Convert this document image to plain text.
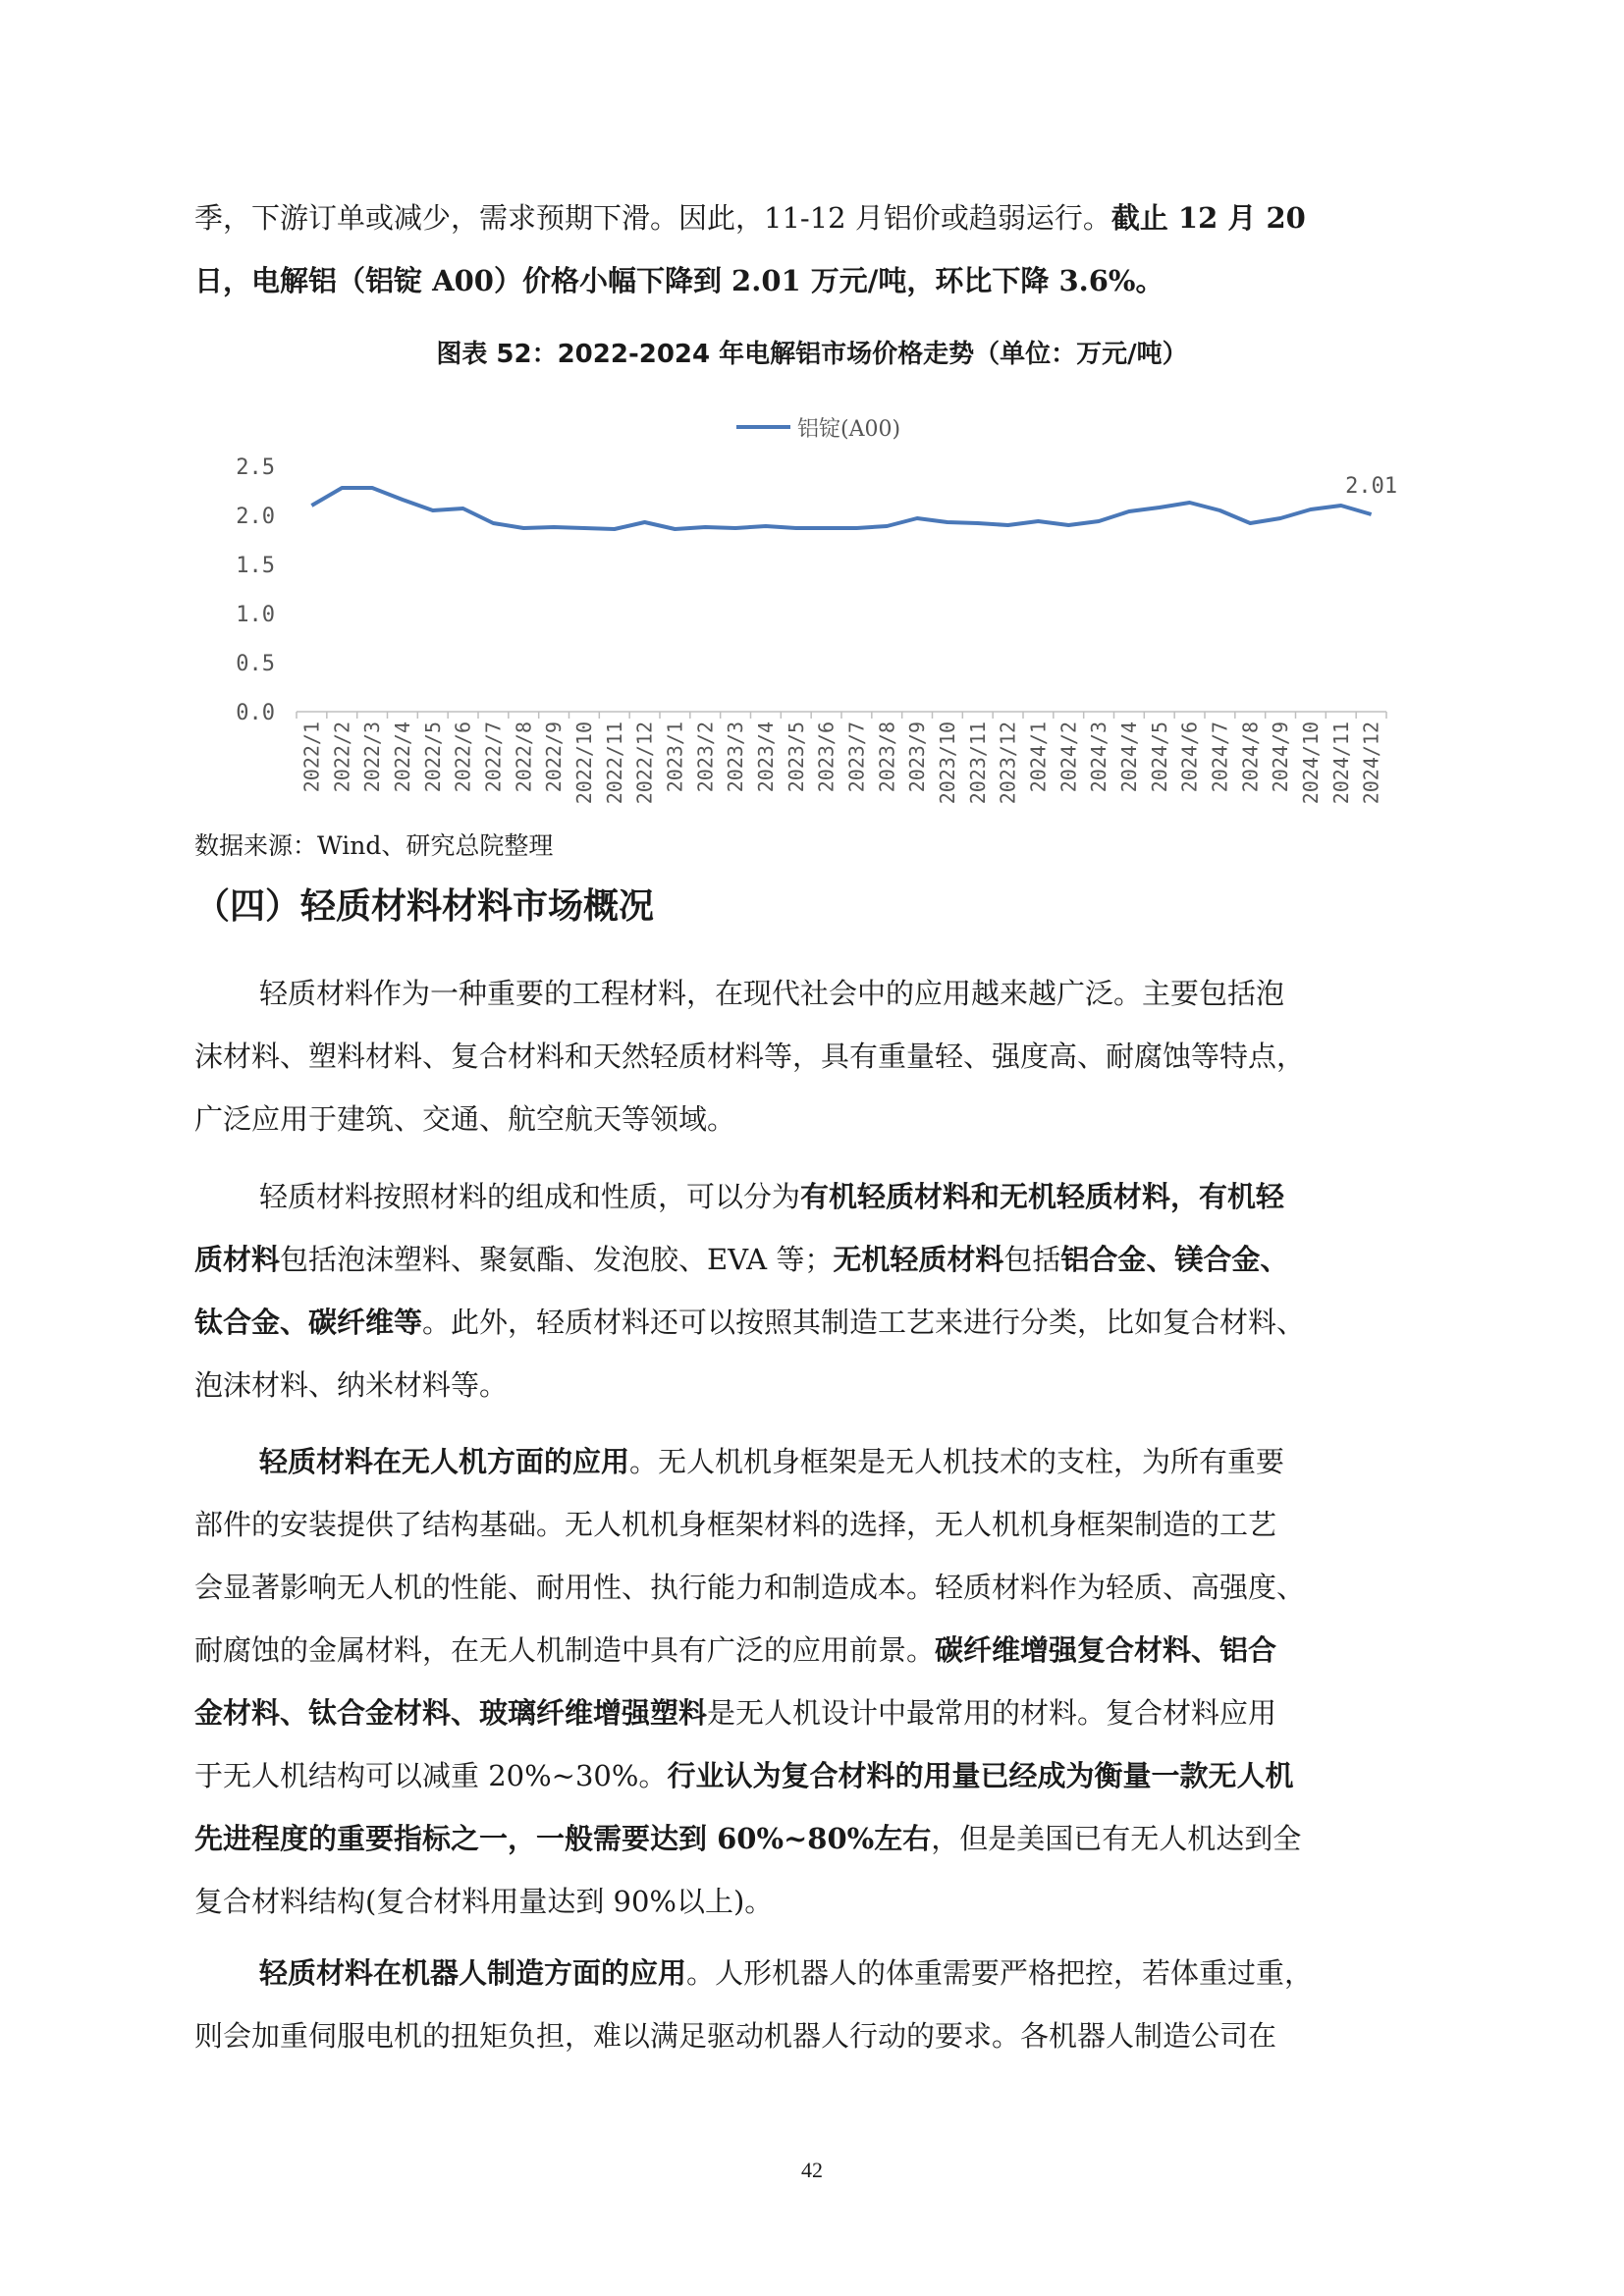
季，下游订单或减少，需求预期下滑。因此，11-12 月铝价或趋弱运行。截止 12 月 20
日，电解铝（铝锭 A00）价格小幅下降到 2.01 万元/吨，环比下降 3.6%。
图表 52：2022-2024 年电解铝市场价格走势（单位：万元/吨）
铝锭(A00)
0.0
0.5
1.0
1.5
2.0
2.5
2022/1 2022/2 2022/3 2022/4 2022/5 2022/6 2022/7 2022/8 2022/9 2022/10 2022/11 2022/12 2023/1 2023/2 2023/3 2023/4 2023/5 2023/6 2023/7 2023/8 2023/9 2023/10 2023/11 2023/12 2024/1 2024/2 2024/3 2024/4 2024/5 2024/6 2024/7 2024/8 2024/9 2024/10 2024/11 2024/12
2.01
数据来源：Wind、研究总院整理
（四）轻质材料材料市场概况
轻质材料作为一种重要的工程材料，在现代社会中的应用越来越广泛。主要包括泡
沫材料、塑料材料、复合材料和天然轻质材料等，具有重量轻、强度高、耐腐蚀等特点，
广泛应用于建筑、交通、航空航天等领域。
轻质材料按照材料的组成和性质，可以分为有机轻质材料和无机轻质材料，有机轻
质材料包括泡沫塑料、聚氨酯、发泡胶、EVA 等；无机轻质材料包括铝合金、镁合金、
钛合金、碳纤维等。此外，轻质材料还可以按照其制造工艺来进行分类，比如复合材料、
泡沫材料、纳米材料等。
轻质材料在无人机方面的应用。无人机机身框架是无人机技术的支柱，为所有重要
部件的安装提供了结构基础。无人机机身框架材料的选择，无人机机身框架制造的工艺
会显著影响无人机的性能、耐用性、执行能力和制造成本。轻质材料作为轻质、高强度、
耐腐蚀的金属材料，在无人机制造中具有广泛的应用前景。碳纤维增强复合材料、铝合
金材料、钛合金材料、玻璃纤维增强塑料是无人机设计中最常用的材料。复合材料应用
于无人机结构可以减重 20%~30%。行业认为复合材料的用量已经成为衡量一款无人机
先进程度的重要指标之一，一般需要达到 60%~80%左右，但是美国已有无人机达到全
复合材料结构(复合材料用量达到 90%以上)。
轻质材料在机器人制造方面的应用。人形机器人的体重需要严格把控，若体重过重，
则会加重伺服电机的扭矩负担，难以满足驱动机器人行动的要求。各机器人制造公司在
42
